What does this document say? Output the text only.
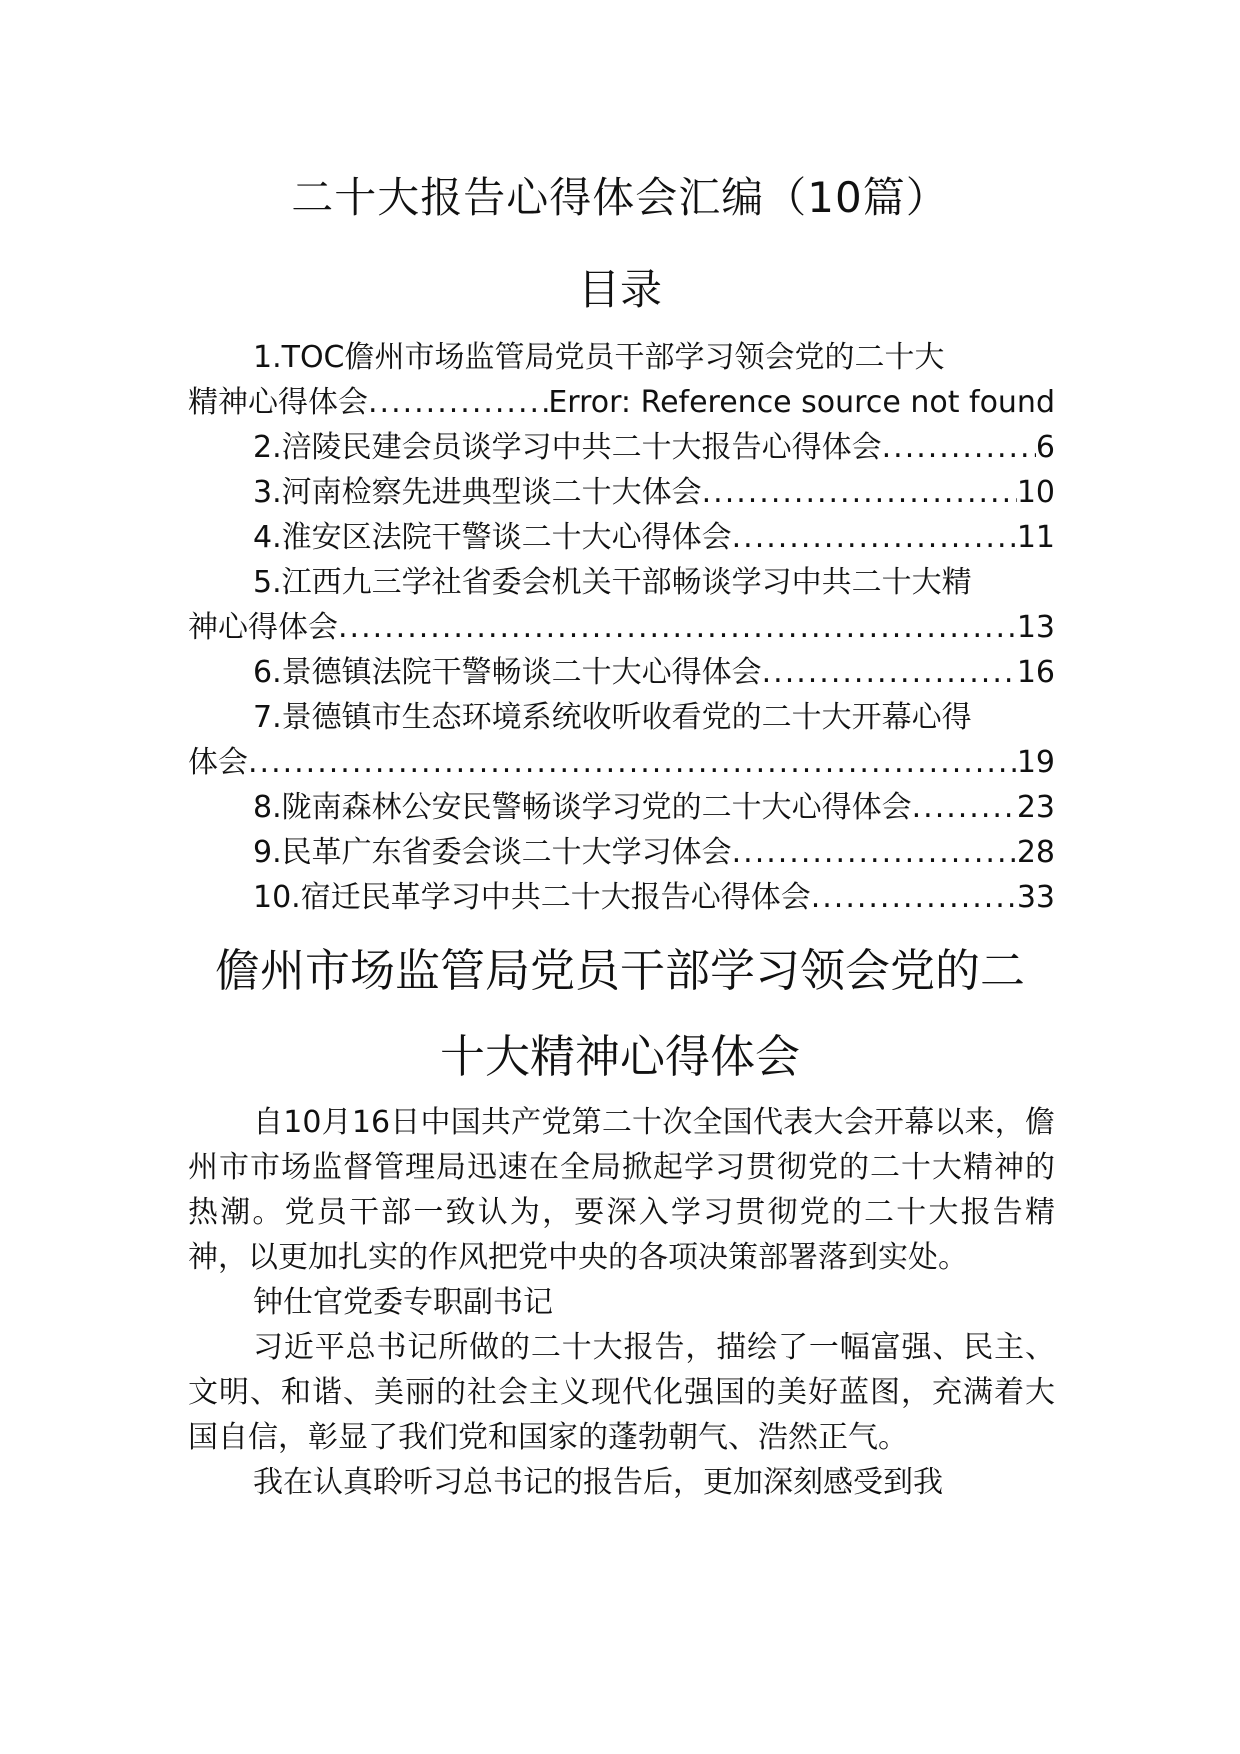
二十大报告心得体会汇编（10篇）
目录
1.TOC儋州市场监管局党员干部学习领会党的二十大
精神心得体会 .....	Error: Reference source not found
2.涪陵民建会员谈学习中共二十大报告心得体会 .....	6
3.河南检察先进典型谈二十大体会 .....	10
4.淮安区法院干警谈二十大心得体会 .....	11
5.江西九三学社省委会机关干部畅谈学习中共二十大精
神心得体会 .....	13
6.景德镇法院干警畅谈二十大心得体会 .....	16
7.景德镇市生态环境系统收听收看党的二十大开幕心得
体会 .....	19
8.陇南森林公安民警畅谈学习党的二十大心得体会 .....	23
9.民革广东省委会谈二十大学习体会 .....	28
10.宿迁民革学习中共二十大报告心得体会 .....	33
儋州市场监管局党员干部学习领会党的二
十大精神心得体会

自10月16日中国共产党第二十次全国代表大会开幕以来，儋州市市场监督管理局迅速在全局掀起学习贯彻党的二十大精神的热潮。党员干部一致认为，要深入学习贯彻党的二十大报告精神，以更加扎实的作风把党中央的各项决策部署落到实处。

钟仕官党委专职副书记

习近平总书记所做的二十大报告，描绘了一幅富强、民主、文明、和谐、美丽的社会主义现代化强国的美好蓝图，充满着大国自信，彰显了我们党和国家的蓬勃朝气、浩然正气。

我在认真聆听习总书记的报告后，更加深刻感受到我
